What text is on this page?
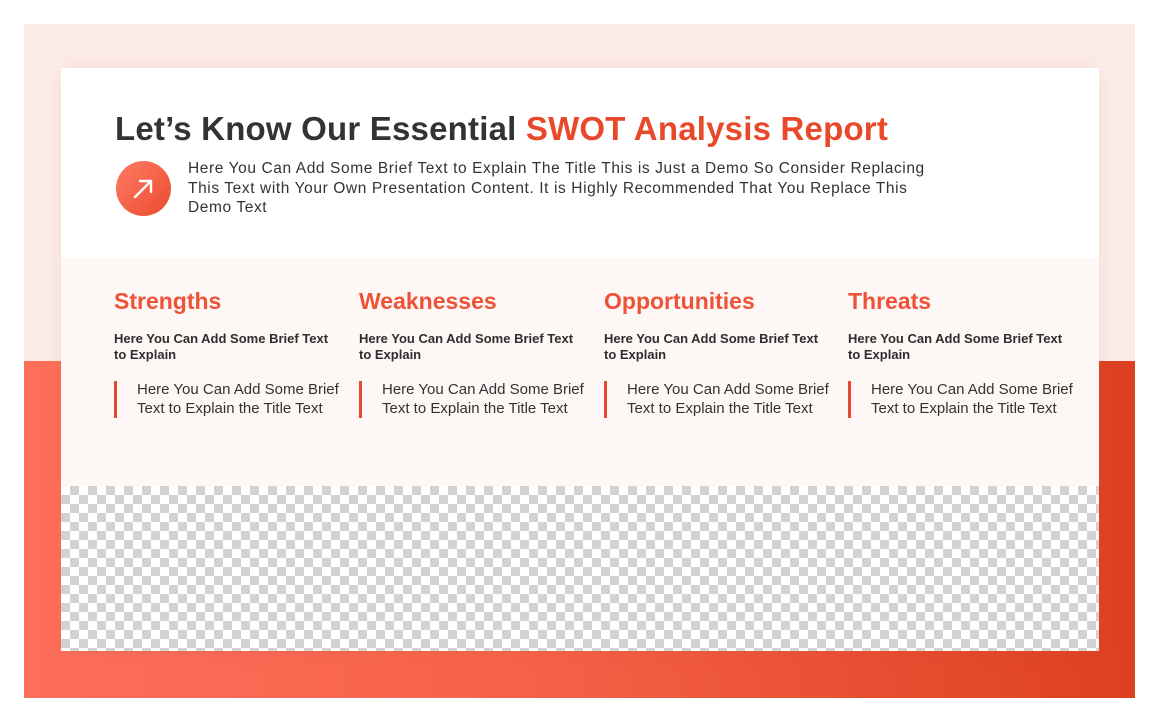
Let’s Know Our Essential SWOT Analysis Report

Here You Can Add Some Brief Text to Explain The Title This is Just a Demo So Consider Replacing This Text with Your Own Presentation Content. It is Highly Recommended That You Replace This Demo Text

Strengths

Here You Can Add Some Brief Text to Explain

Here You Can Add Some Brief Text to Explain the Title Text
Weaknesses

Here You Can Add Some Brief Text to Explain

Here You Can Add Some Brief Text to Explain the Title Text
Opportunities

Here You Can Add Some Brief Text to Explain

Here You Can Add Some Brief Text to Explain the Title Text
Threats

Here You Can Add Some Brief Text to Explain

Here You Can Add Some Brief Text to Explain the Title Text
